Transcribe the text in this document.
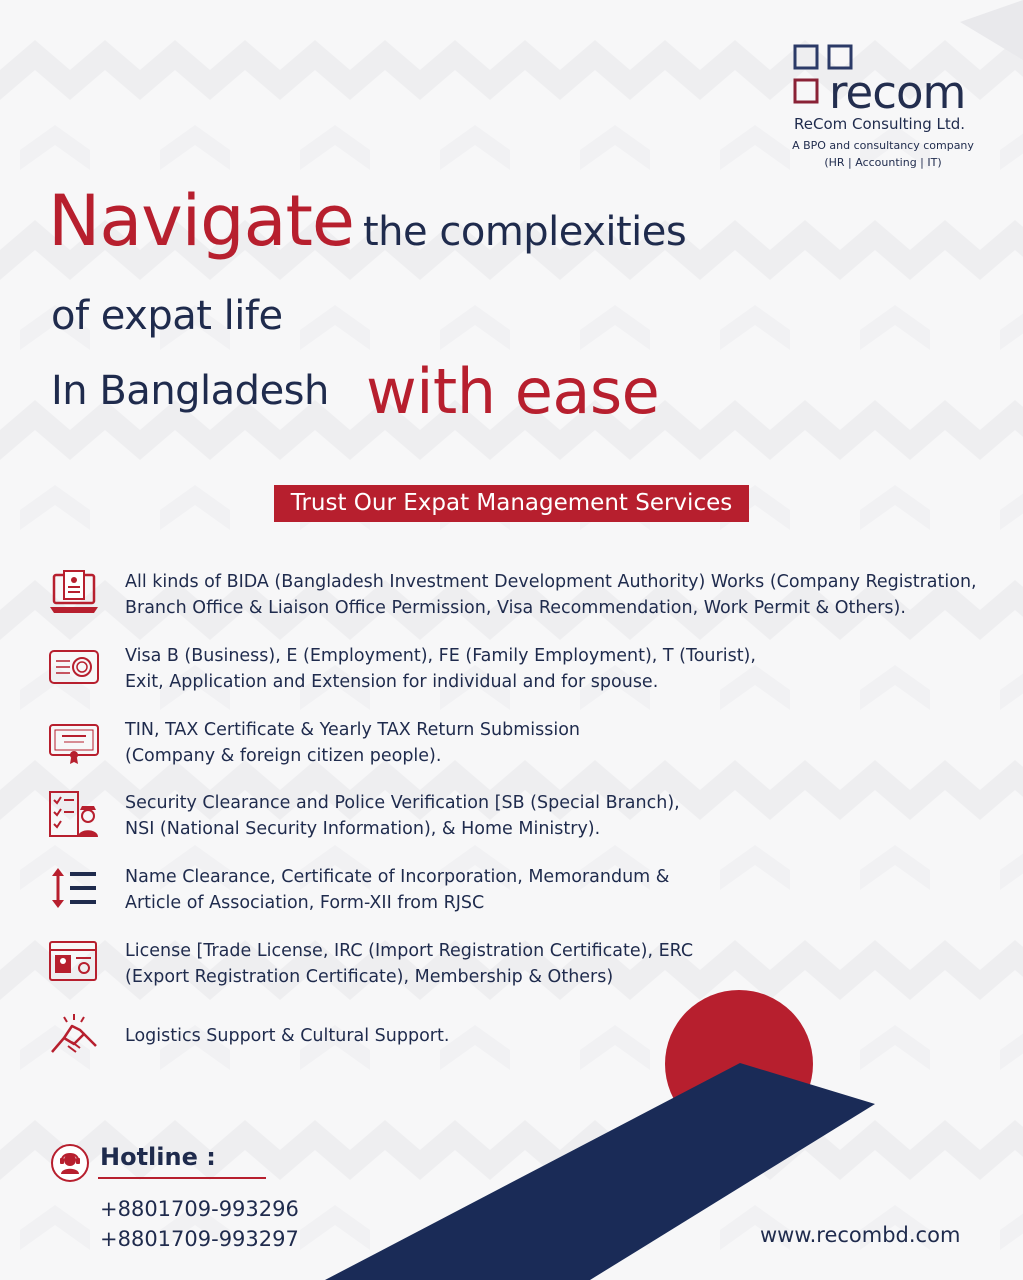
recom
ReCom Consulting Ltd.
A BPO and consultancy company
(HR | Accounting | IT)
Navigate the complexities
of expat life
In Bangladesh with ease
Trust Our Expat Management Services
All kinds of BIDA (Bangladesh Investment Development Authority) Works (Company Registration,
Branch Office & Liaison Office Permission, Visa Recommendation, Work Permit & Others).
Visa B (Business), E (Employment), FE (Family Employment), T (Tourist),
Exit, Application and Extension for individual and for spouse.
TIN, TAX Certificate & Yearly TAX Return Submission
(Company & foreign citizen people).
Security Clearance and Police Verification [SB (Special Branch),
NSI (National Security Information), & Home Ministry).
Name Clearance, Certificate of Incorporation, Memorandum &
Article of Association, Form-XII from RJSC
License [Trade License, IRC (Import Registration Certificate), ERC
(Export Registration Certificate), Membership & Others)
Logistics Support & Cultural Support.
Hotline :
+8801709-993296
+8801709-993297	www.recombd.com
